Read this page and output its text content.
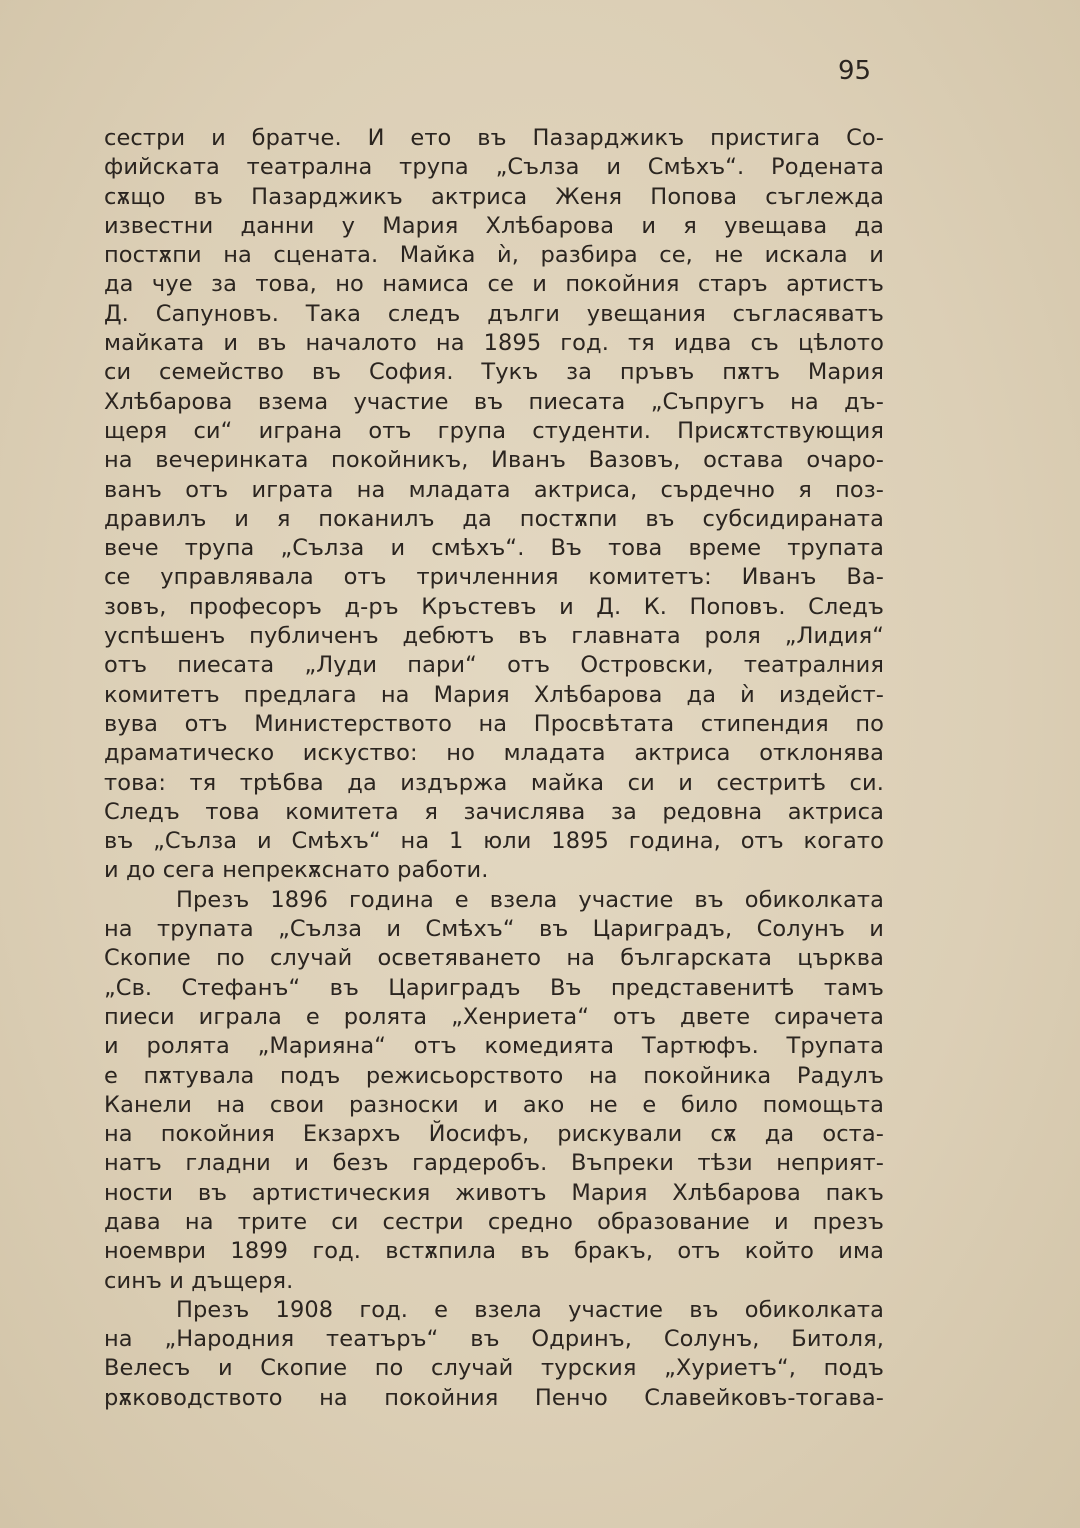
95
сестри и братче. И ето въ Пазарджикъ пристига Со-
фийската театрална трупа „Сълза и Смѣхъ“. Родената
сѫщо въ Пазарджикъ актриса Женя Попова съглежда
известни данни у Мария Хлѣбарова и я увещава да
постѫпи на сцената. Майка ѝ, разбира се, не искала и
да чуе за това, но намиса се и покойния старъ артистъ
Д. Сапуновъ. Така следъ дълги увещания съгласяватъ
майката и въ началото на 1895 год. тя идва съ цѣлото
си семейство въ София. Тукъ за пръвъ пѫтъ Мария
Хлѣбарова взема участие въ пиесата „Съпругъ на дъ-
щеря си“ играна отъ група студенти. Присѫтствующия
на вечеринката покойникъ, Иванъ Вазовъ, остава очаро-
ванъ отъ играта на младата актриса, сърдечно я поз-
дравилъ и я поканилъ да постѫпи въ субсидираната
вече трупа „Сълза и смѣхъ“. Въ това време трупата
се управлявала отъ тричленния комитетъ: Иванъ Ва-
зовъ, професоръ д-ръ Кръстевъ и Д. К. Поповъ. Следъ
успѣшенъ публиченъ дебютъ въ главната роля „Лидия“
отъ пиесата „Луди пари“ отъ Островски, театралния
комитетъ предлага на Мария Хлѣбарова да ѝ издейст-
вува отъ Министерството на Просвѣтата стипендия по
драматическо искуство: но младата актриса отклонява
това: тя трѣбва да издържа майка си и сестритѣ си.
Следъ това комитета я зачислява за редовна актриса
въ „Сълза и Смѣхъ“ на 1 юли 1895 година, отъ когато
и до сега непрекѫснато работи.
Презъ 1896 година е взела участие въ обиколката
на трупата „Сълза и Смѣхъ“ въ Цариградъ, Солунъ и
Скопие по случай осветяването на българската църква
„Св. Стефанъ“ въ Цариградъ Въ представенитѣ тамъ
пиеси играла е ролята „Хенриета“ отъ двете сирачета
и ролята „Марияна“ отъ комедията Тартюфъ. Трупата
е пѫтувала подъ режисьорството на покойника Радулъ
Канели на свои разноски и ако не е било помощьта
на покойния Екзархъ Йосифъ, рискували сѫ да оста-
натъ гладни и безъ гардеробъ. Въпреки тѣзи неприят-
ности въ артистическия животъ Мария Хлѣбарова пакъ
дава на трите си сестри средно образование и презъ
ноември 1899 год. встѫпила въ бракъ, отъ който има
синъ и дъщеря.
Презъ 1908 год. е взела участие въ обиколката
на „Народния театъръ“ въ Одринъ, Солунъ, Битоля,
Велесъ и Скопие по случай турския „Хуриетъ“, подъ
рѫководството на покойния Пенчо Славейковъ-тогава-
